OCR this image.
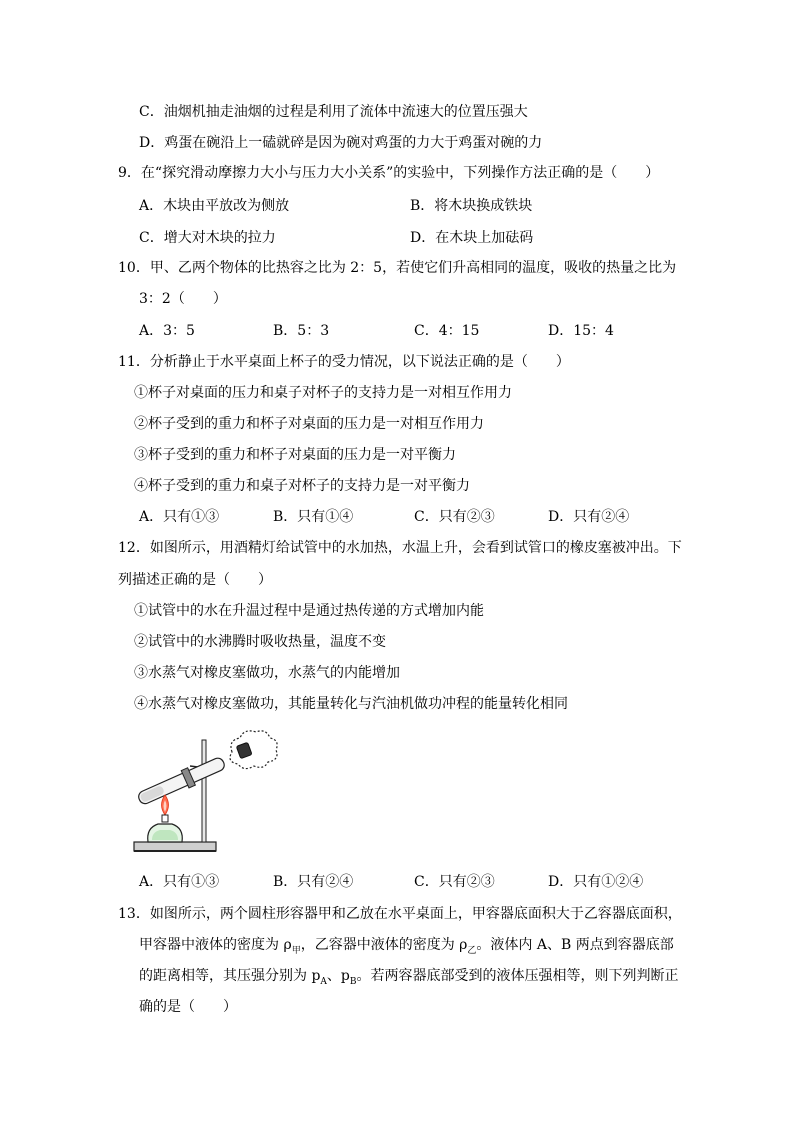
C．油烟机抽走油烟的过程是利用了流体中流速大的位置压强大
D．鸡蛋在碗沿上一磕就碎是因为碗对鸡蛋的力大于鸡蛋对碗的力
9．在“探究滑动摩擦力大小与压力大小关系”的实验中，下列操作方法正确的是（　　）
A．木块由平放改为侧放	B．将木块换成铁块
C．增大对木块的拉力	D．在木块上加砝码
10．甲、乙两个物体的比热容之比为 2：5，若使它们升高相同的温度，吸收的热量之比为
3：2（　　）
A．3：5	B．5：3	C．4：15	D．15：4
11．分析静止于水平桌面上杯子的受力情况，以下说法正确的是（　　）
①杯子对桌面的压力和桌子对杯子的支持力是一对相互作用力
②杯子受到的重力和杯子对桌面的压力是一对相互作用力
③杯子受到的重力和杯子对桌面的压力是一对平衡力
④杯子受到的重力和桌子对杯子的支持力是一对平衡力
A．只有①③	B．只有①④	C．只有②③	D．只有②④
12．如图所示，用酒精灯给试管中的水加热，水温上升，会看到试管口的橡皮塞被冲出。下
列描述正确的是（　　）
①试管中的水在升温过程中是通过热传递的方式增加内能
②试管中的水沸腾时吸收热量，温度不变
③水蒸气对橡皮塞做功，水蒸气的内能增加
④水蒸气对橡皮塞做功，其能量转化与汽油机做功冲程的能量转化相同
A．只有①③	B．只有②④	C．只有②③	D．只有①②④
13．如图所示，两个圆柱形容器甲和乙放在水平桌面上，甲容器底面积大于乙容器底面积，
甲容器中液体的密度为 $\rho_甲$，乙容器中液体的密度为 $\rho_乙$。液体内 A、B 两点到容器底部
的距离相等，其压强分别为 $p_A$、$p_B$。若两容器底部受到的液体压强相等，则下列判断正
确的是（　　）
